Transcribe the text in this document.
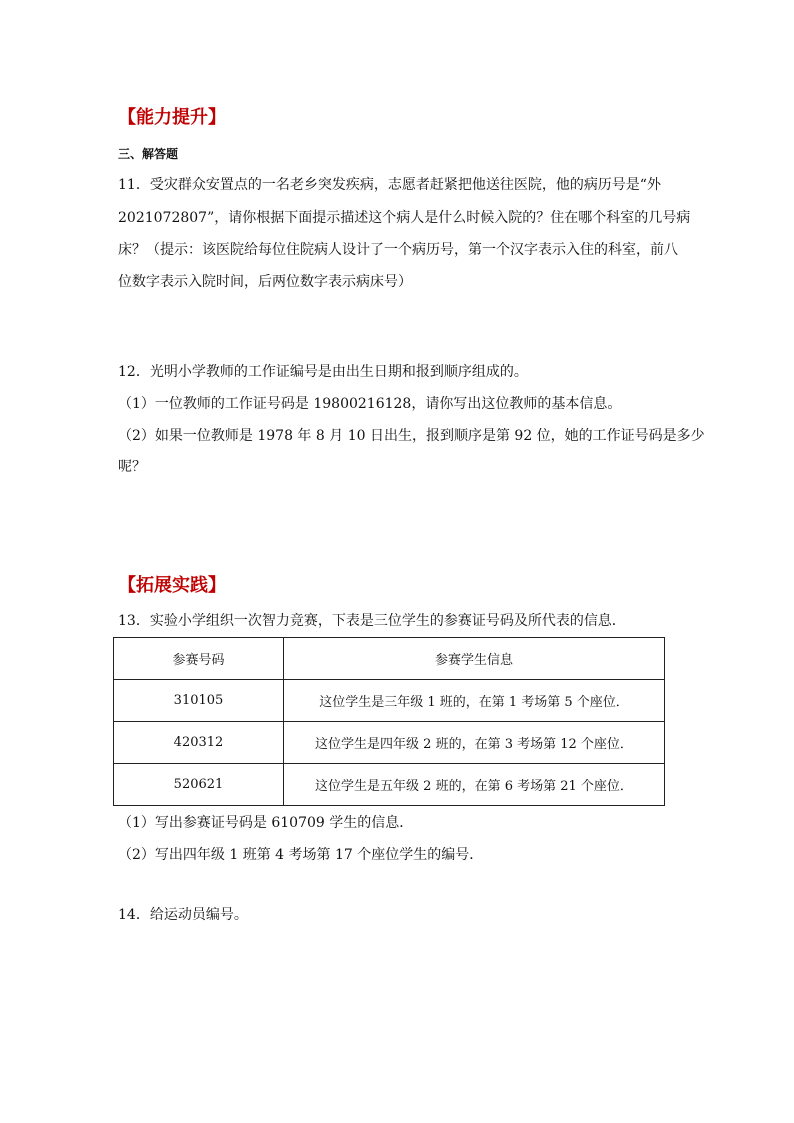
【能力提升】
三、解答题
11．受灾群众安置点的一名老乡突发疾病，志愿者赶紧把他送往医院，他的病历号是“外
2021072807”，请你根据下面提示描述这个病人是什么时候入院的？住在哪个科室的几号病
床？（提示：该医院给每位住院病人设计了一个病历号，第一个汉字表示入住的科室，前八
位数字表示入院时间，后两位数字表示病床号）
12．光明小学教师的工作证编号是由出生日期和报到顺序组成的。
（1）一位教师的工作证号码是 19800216128，请你写出这位教师的基本信息。
（2）如果一位教师是 1978 年 8 月 10 日出生，报到顺序是第 92 位，她的工作证号码是多少
呢？
【拓展实践】
13．实验小学组织一次智力竞赛，下表是三位学生的参赛证号码及所代表的信息．
参赛号码	参赛学生信息
310105	这位学生是三年级 1 班的，在第 1 考场第 5 个座位．
420312	这位学生是四年级 2 班的，在第 3 考场第 12 个座位．
520621	这位学生是五年级 2 班的，在第 6 考场第 21 个座位．
（1）写出参赛证号码是 610709 学生的信息．
（2）写出四年级 1 班第 4 考场第 17 个座位学生的编号．
14．给运动员编号。
